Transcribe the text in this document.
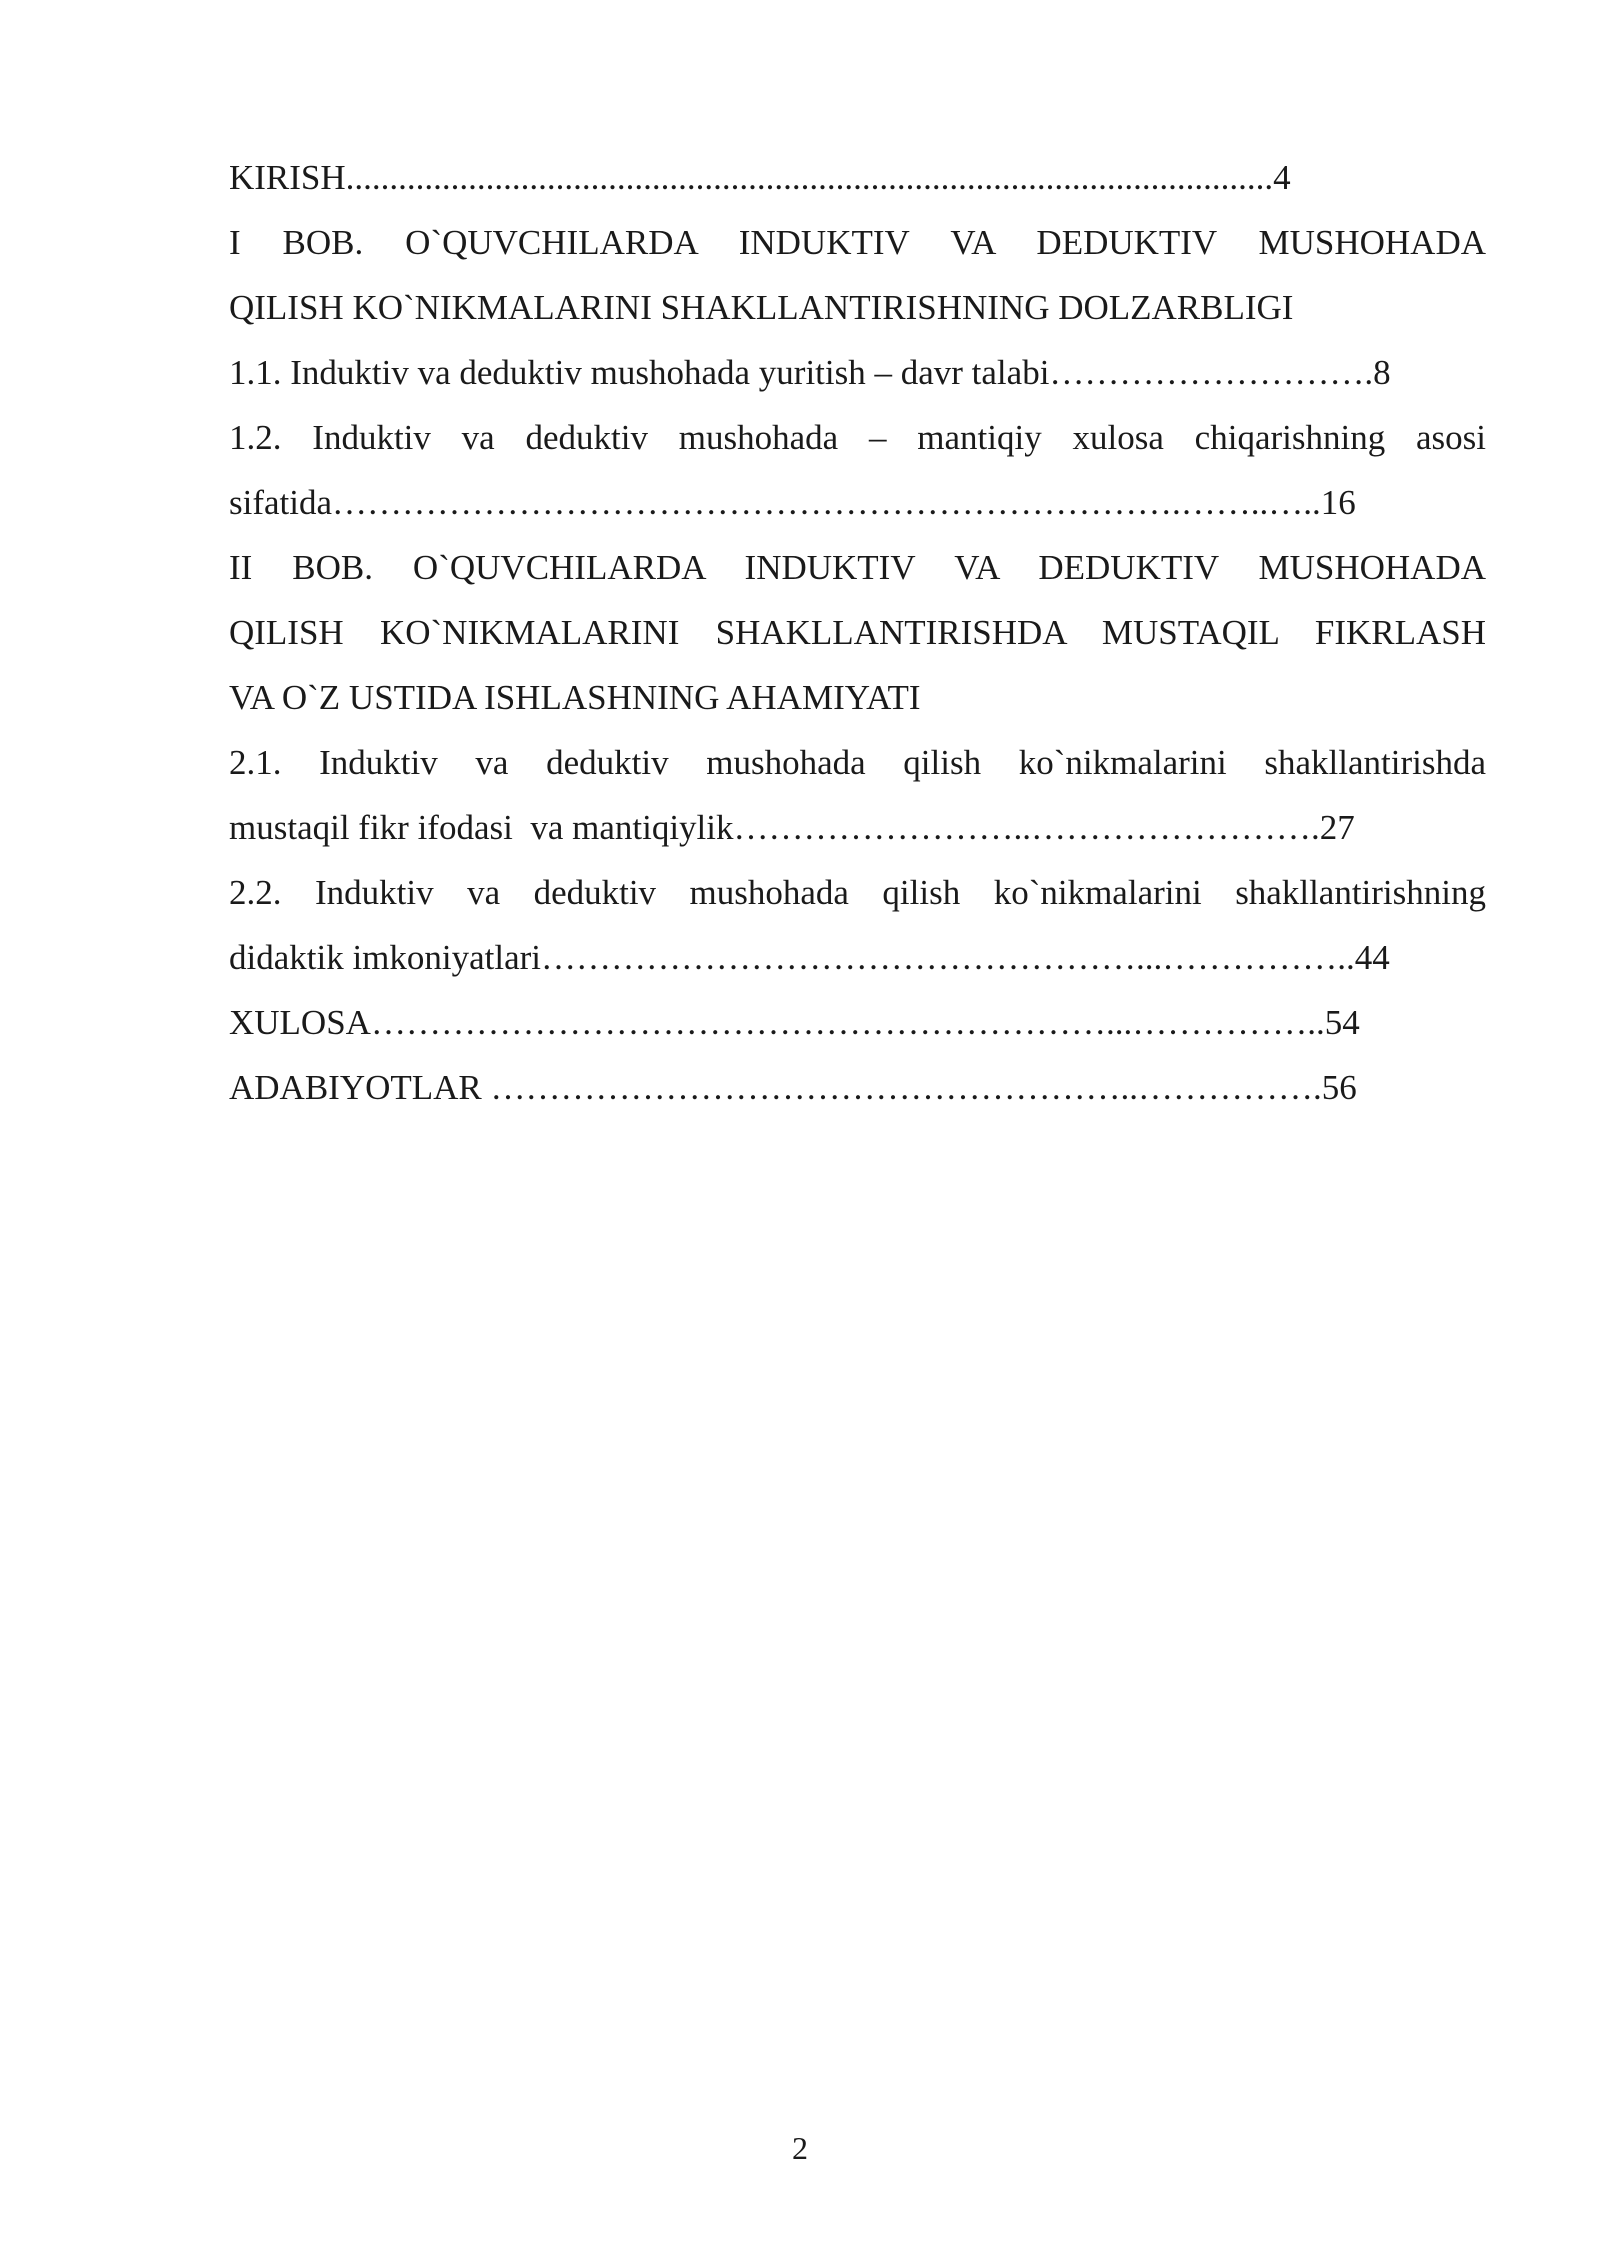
KIRISH..........................................................................................................4
I BOB. O`QUVCHILARDA INDUKTIV VA DEDUKTIV MUSHOHADA
QILISH KO`NIKMALARINI SHAKLLANTIRISHNING DOLZARBLIGI
1.1. Induktiv va deduktiv mushohada yuritish – davr talabi……………………….8
1.2. Induktiv va deduktiv mushohada – mantiqiy xulosa chiqarishning asosi
sifatida……………………………………………………………….……..…..16
II BOB. O`QUVCHILARDA INDUKTIV VA DEDUKTIV MUSHOHADA
QILISH KO`NIKMALARINI SHAKLLANTIRISHDA MUSTAQIL FIKRLASH
VA O`Z USTIDA ISHLASHNING AHAMIYATI
2.1. Induktiv va deduktiv mushohada qilish ko`nikmalarini shakllantirishda
mustaqil fikr ifodasi  va mantiqiylik……………………..…………………….27
2.2. Induktiv va deduktiv mushohada qilish ko`nikmalarini shakllantirishning
didaktik imkoniyatlari……………………………………………...……………..44
XULOSA………………………………………………………...……………..54
ADABIYOTLAR ………………………………………………..…………….56
2
